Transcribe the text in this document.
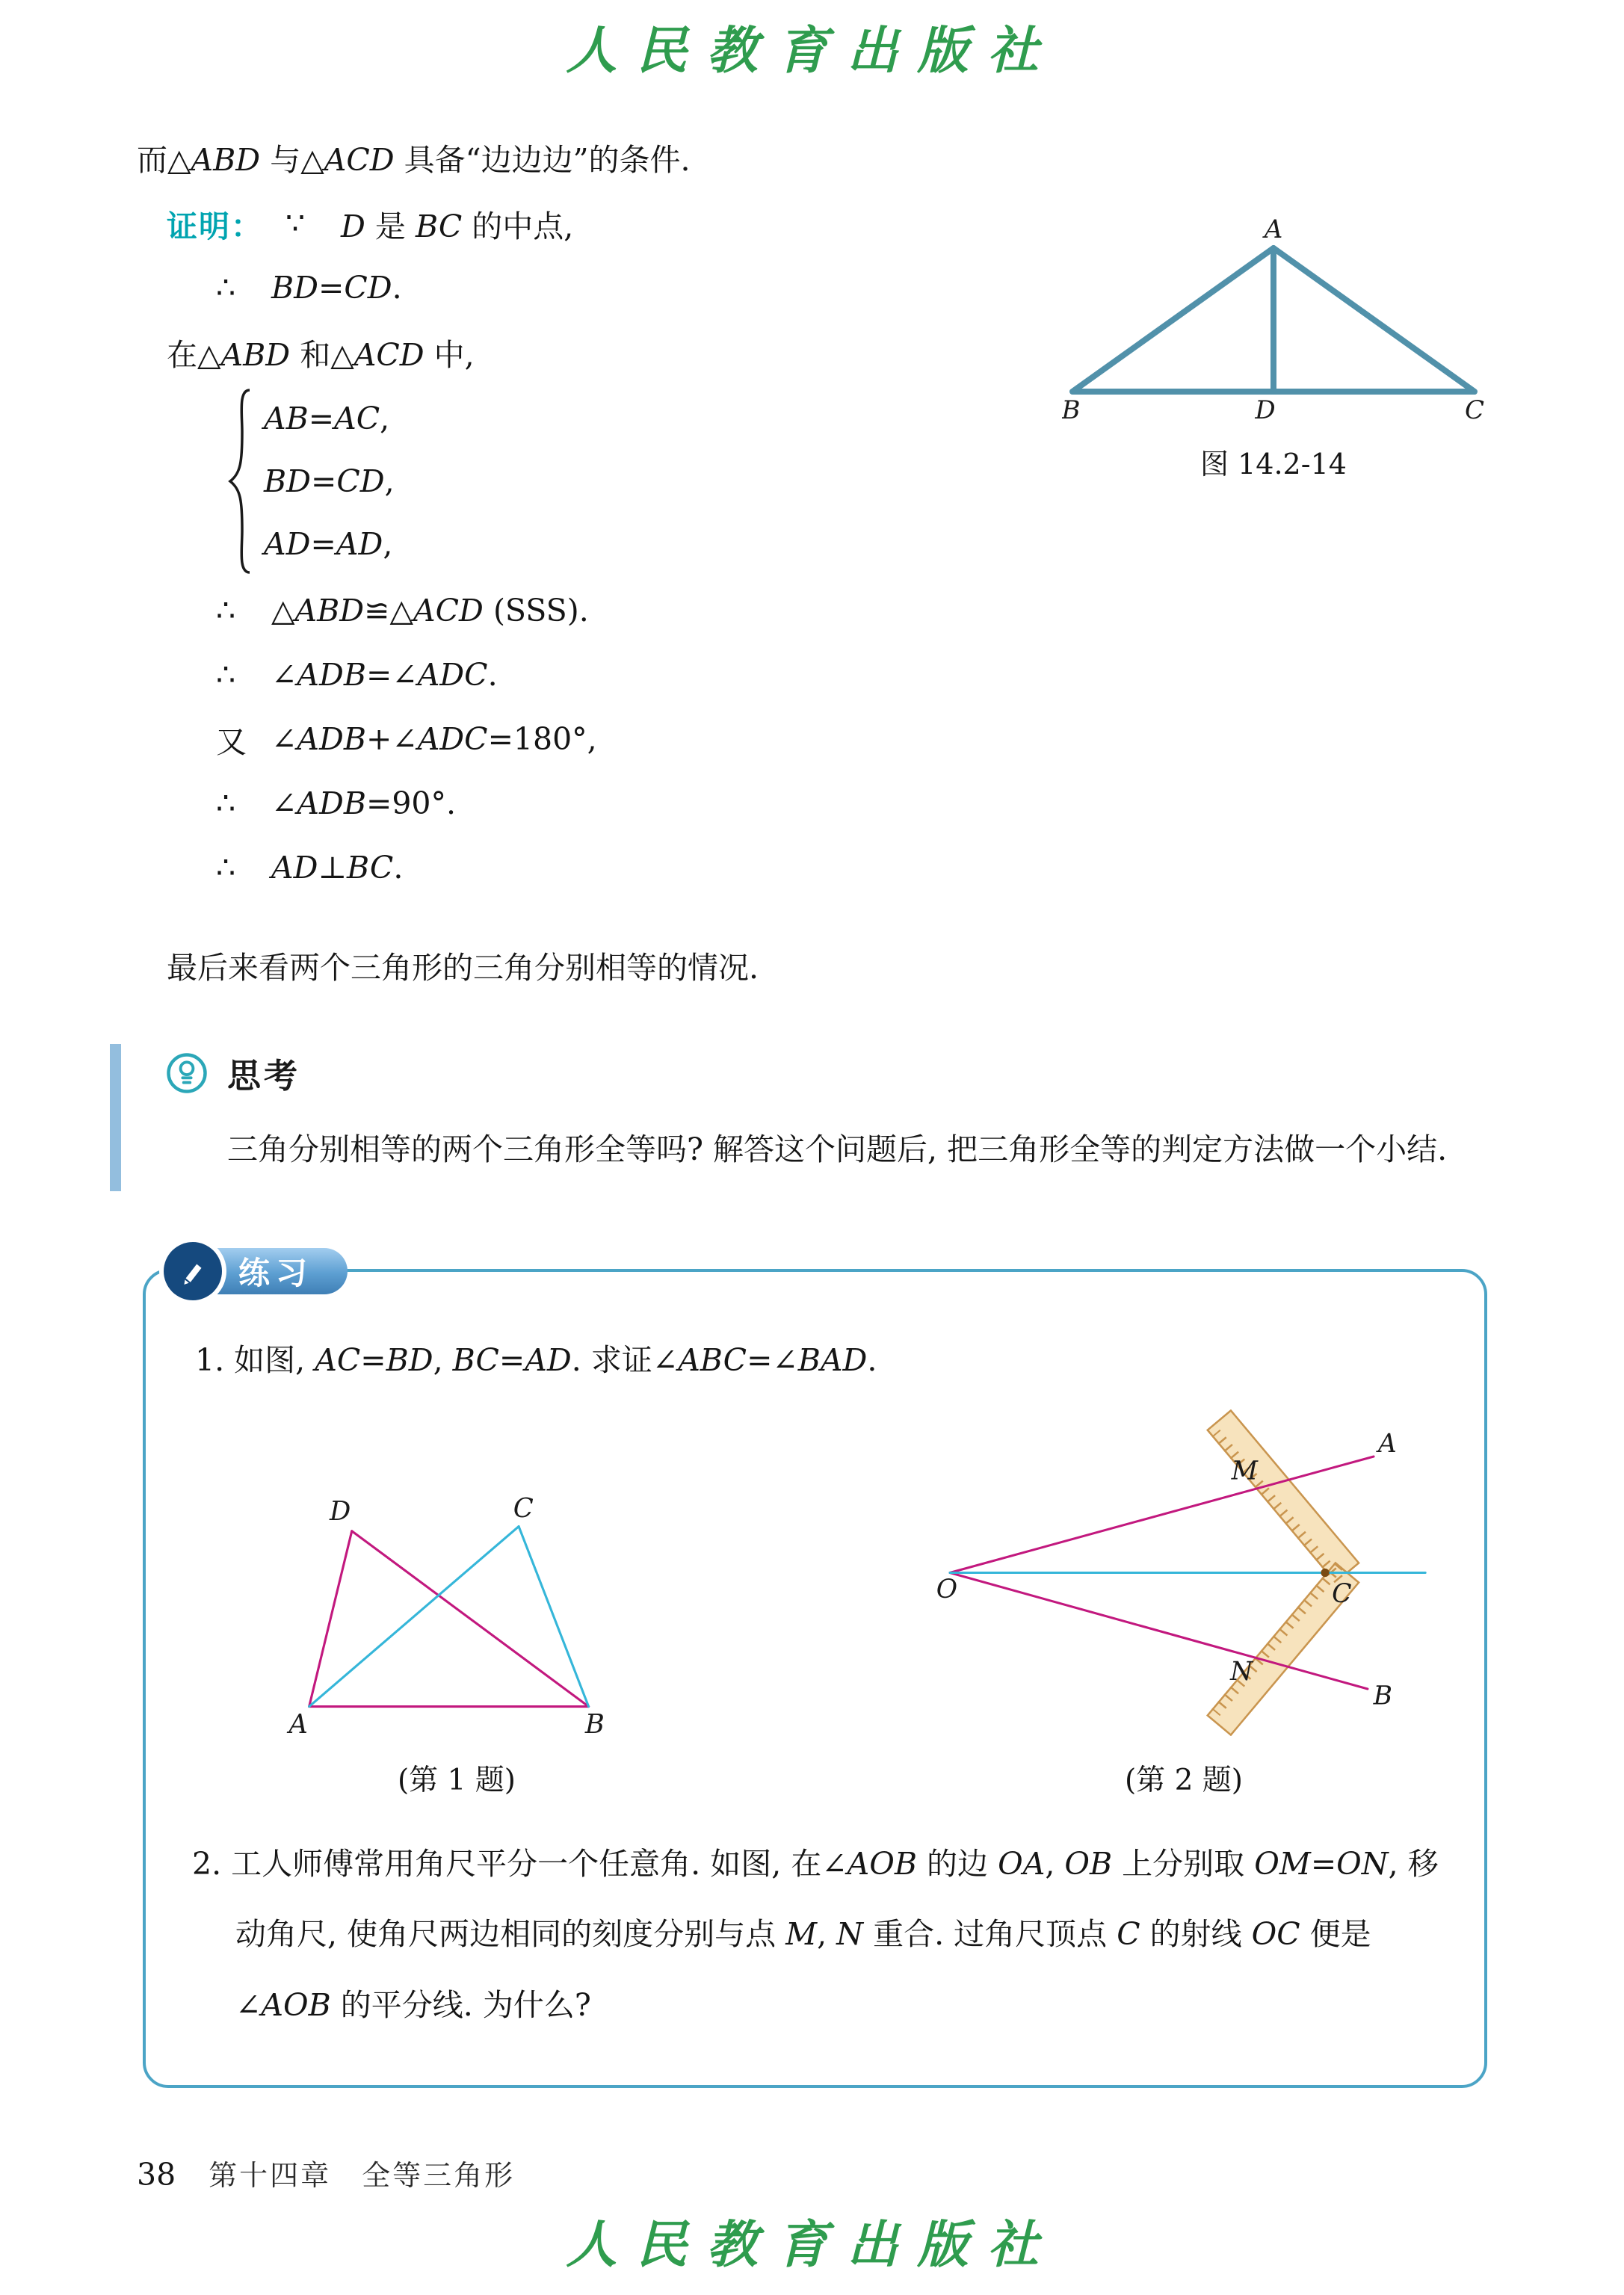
人民教育出版社
A
B	D	C
图 14.2-14
而△ABD 与△ACD 具备“边边边”的条件.
证明： ∵	D 是 BC 的中点,
∴	BD=CD.
在△ABD 和△ACD 中,
AB=AC,
BD=CD,
AD=AD,
∴	△ABD≌△ACD (SSS).
∴	∠ADB=∠ADC.
又 ∠ADB+∠ADC=180°,
∴	∠ADB=90°.
∴	AD⊥BC.
最后来看两个三角形的三角分别相等的情况.
思考
三角分别相等的两个三角形全等吗? 解答这个问题后, 把三角形全等的判定方法做一个小结.
练习
1. 如图, AC=BD, BC=AD. 求证∠ABC=∠BAD.
D	C
A	B
(第 1 题)
O
A
B
M
N
C
(第 2 题)
2. 工人师傅常用角尺平分一个任意角. 如图, 在∠AOB 的边 OA, OB 上分别取 OM=ON, 移动角尺, 使角尺两边相同的刻度分别与点 M, N 重合. 过角尺顶点 C 的射线 OC 便是∠AOB 的平分线. 为什么?
38 第十四章　全等三角形
人民教育出版社
